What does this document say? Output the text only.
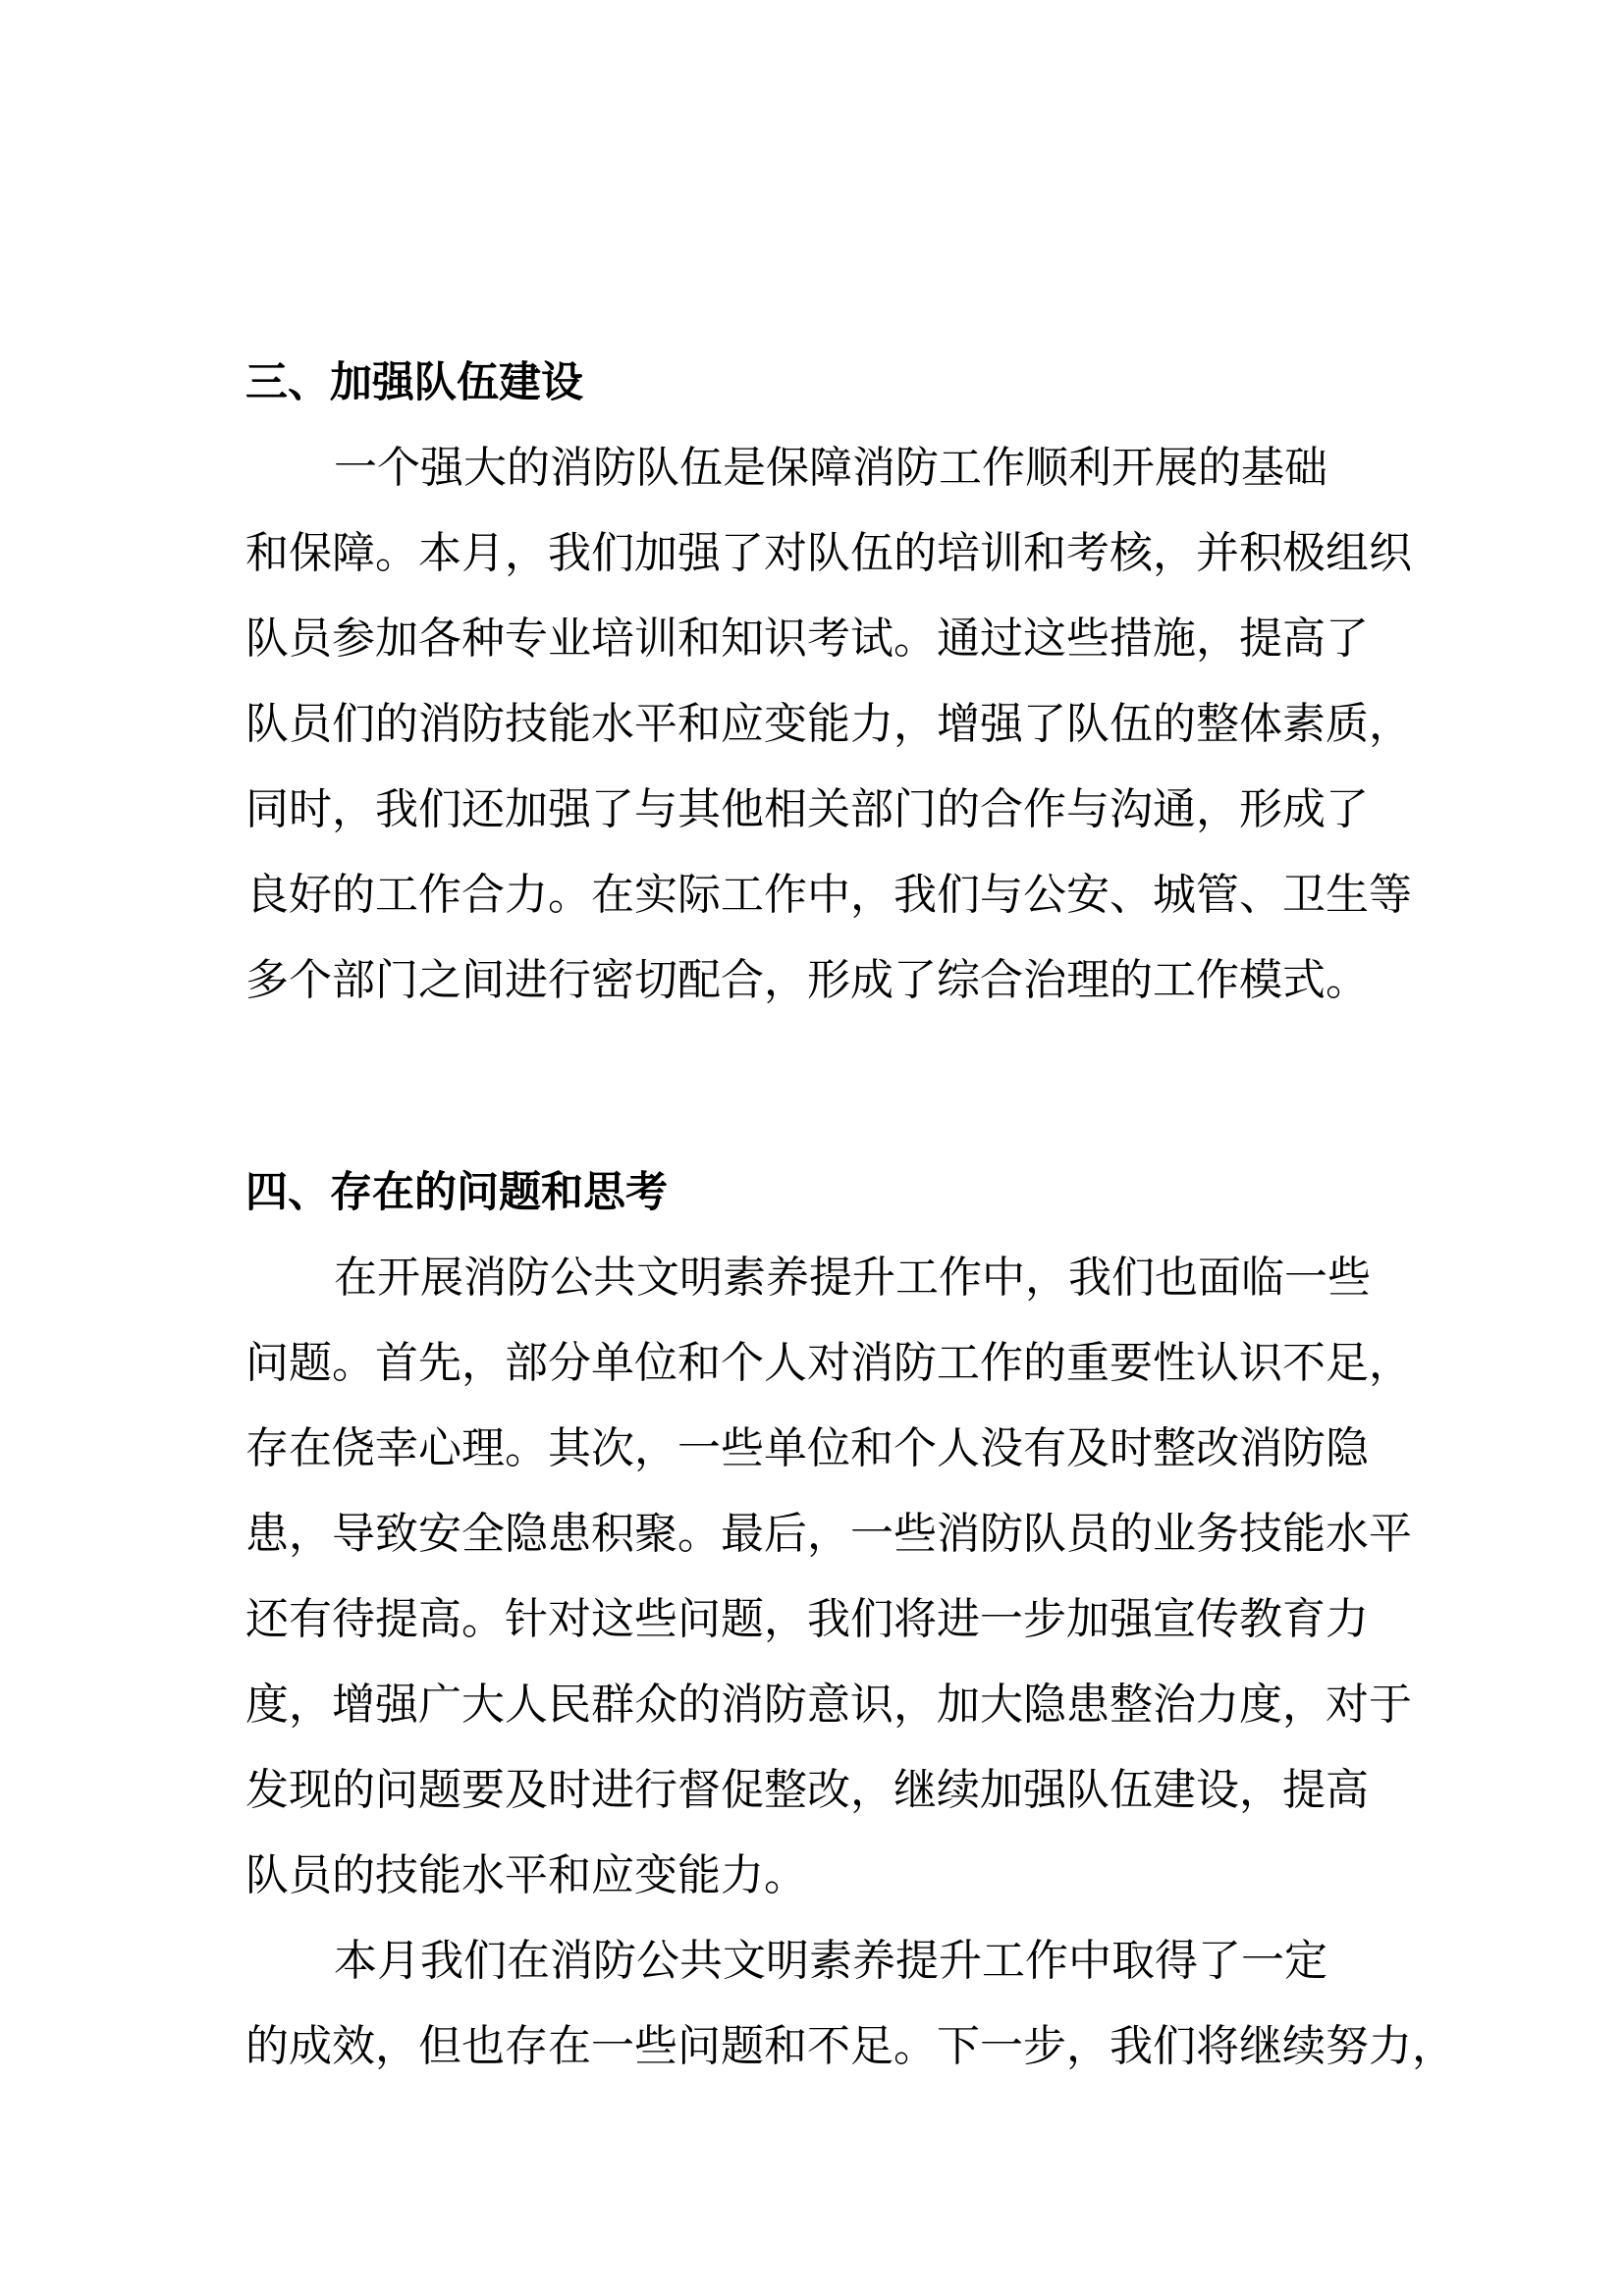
三、加强队伍建设
一个强大的消防队伍是保障消防工作顺利开展的基础
和保障。本月，我们加强了对队伍的培训和考核，并积极组织
队员参加各种专业培训和知识考试。通过这些措施，提高了
队员们的消防技能水平和应变能力，增强了队伍的整体素质，
同时，我们还加强了与其他相关部门的合作与沟通，形成了
良好的工作合力。在实际工作中，我们与公安、城管、卫生等
多个部门之间进行密切配合，形成了综合治理的工作模式。
四、存在的问题和思考
在开展消防公共文明素养提升工作中，我们也面临一些
问题。首先，部分单位和个人对消防工作的重要性认识不足，
存在侥幸心理。其次，一些单位和个人没有及时整改消防隐
患，导致安全隐患积聚。最后，一些消防队员的业务技能水平
还有待提高。针对这些问题，我们将进一步加强宣传教育力
度，增强广大人民群众的消防意识，加大隐患整治力度，对于
发现的问题要及时进行督促整改，继续加强队伍建设，提高
队员的技能水平和应变能力。
本月我们在消防公共文明素养提升工作中取得了一定
的成效，但也存在一些问题和不足。下一步，我们将继续努力，
